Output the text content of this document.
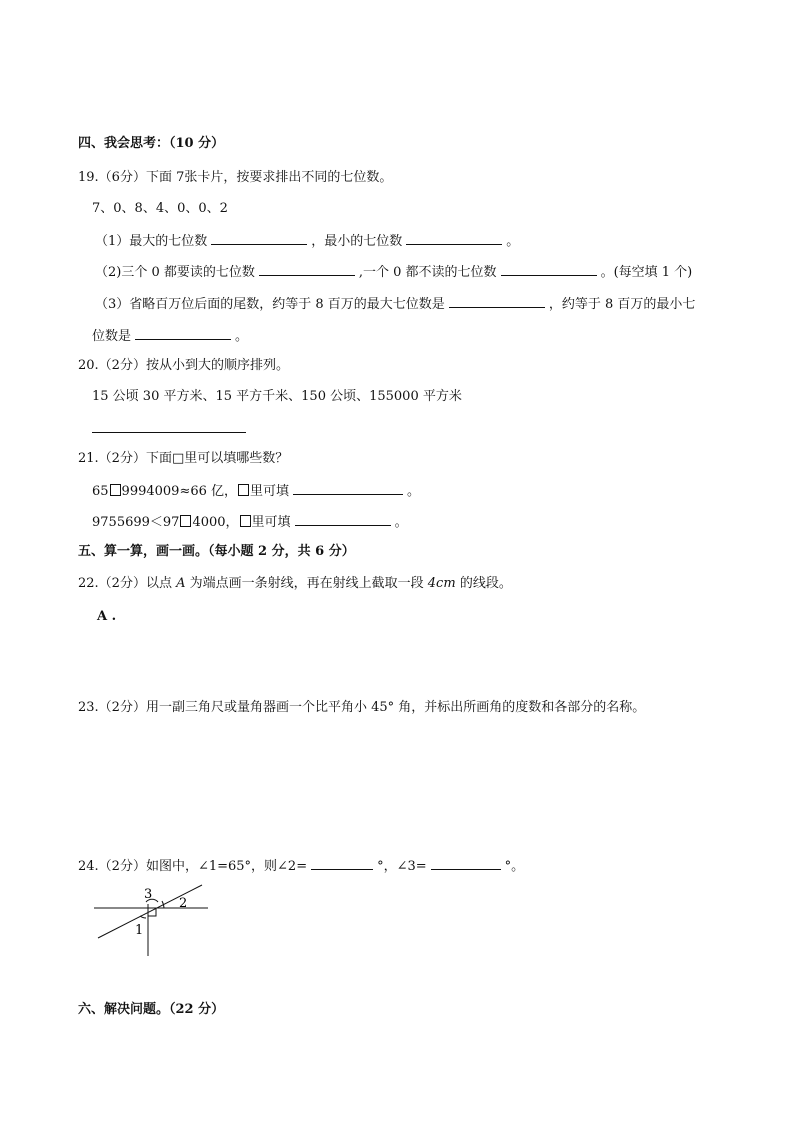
四、我会思考：（10 分）
19.（6分）下面 7张卡片，按要求排出不同的七位数。
7、0、8、4、0、0、2
（1）最大的七位数	，最小的七位数	。
（2)三个 0 都要读的七位数	,一个 0 都不读的七位数	。(每空填 1 个)
（3）省略百万位后面的尾数，约等于 8 百万的最大七位数是	，约等于 8 百万的最小七
位数是	。
20.（2分）按从小到大的顺序排列。
15 公顷 30 平方米、15 平方千米、150 公顷、155000 平方米
21.（2分）下面□里可以填哪些数？
65 9994009≈66 亿， 里可填	。
9755699＜97 4000， 里可填	。
五、算一算，画一画。（每小题 2 分，共 6 分）
22.（2分）以点 A 为端点画一条射线，再在射线上截取一段 4cm 的线段。
A .
23.（2分）用一副三角尺或量角器画一个比平角小 45° 角，并标出所画角的度数和各部分的名称。
24.（2分）如图中，∠1=65°，则∠2=	°，∠3=	°。
3
2
1
六、解决问题。（22 分）
